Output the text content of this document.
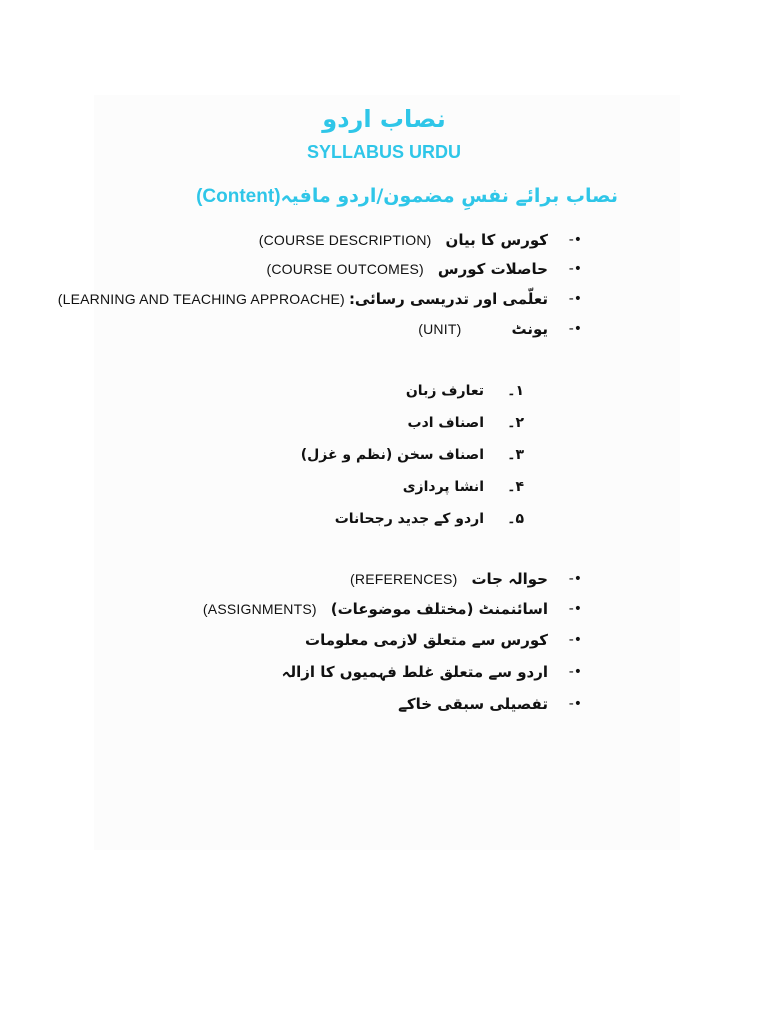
نصاب اردو
SYLLABUS URDU
نصاب برائے نفسِ مضمون/اردو مافیہ(Content)
-•
کورس کا بیان
(COURSE DESCRIPTION)
-•
حاصلات کورس
(COURSE OUTCOMES)
-•
تعلّمی اور تدریسی رسائی:
(LEARNING AND TEACHING APPROACHE)
-•
یونٹ
(UNIT)
۱۔
تعارف زبان
۲۔
اصناف ادب
۳۔
اصناف سخن (نظم و غزل)
۴۔
انشا پردازی
۵۔
اردو کے جدید رجحانات
-•
حوالہ جات
(REFERENCES)
-•
اسائنمنٹ (مختلف موضوعات)
(ASSIGNMENTS)
-•
کورس سے متعلق لازمی معلومات
-•
اردو سے متعلق غلط فہمیوں کا ازالہ
-•
تفصیلی سبقی خاکے
